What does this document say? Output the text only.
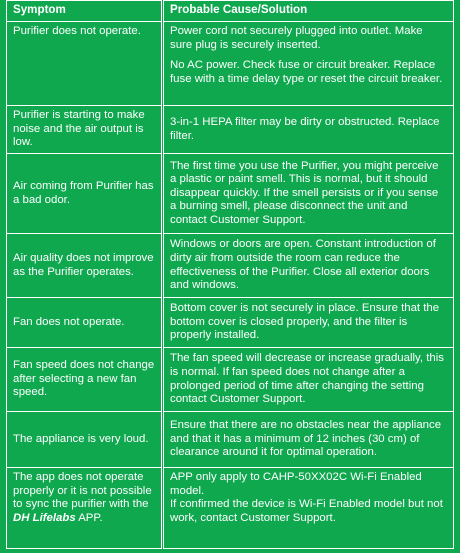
Symptom	Probable Cause/Solution
Purifier does not operate.	Power cord not securely plugged into outlet. Make sure plug is securely inserted.

No AC power. Check fuse or circuit breaker. Replace fuse with a time delay type or reset the circuit breaker.

Purifier is starting to make noise and the air output is low.
3-in-1 HEPA filter may be dirty or obstructed. Replace filter.
Air coming from Purifier has a bad odor.
The first time you use the Purifier, you might perceive a plastic or paint smell. This is normal, but it should disappear quickly. If the smell persists or if you sense a burning smell, please disconnect the unit and contact Customer Support.
Air quality does not improve as the Purifier operates.
Windows or doors are open. Constant introduction of dirty air from outside the room can reduce the effectiveness of the Purifier. Close all exterior doors and windows.
Fan does not operate.
Bottom cover is not securely in place. Ensure that the bottom cover is closed properly, and the filter is properly installed.
Fan speed does not change after selecting a new fan speed.
The fan speed will decrease or increase gradually, this is normal. If fan speed does not change after a prolonged period of time after changing the setting contact Customer Support.
The appliance is very loud.
Ensure that there are no obstacles near the appliance and that it has a minimum of 12 inches (30 cm) of clearance around it for optimal operation.
The app does not operate properly or it is not possible to sync the purifier with the DH Lifelabs APP.

APP only apply to CAHP-50XX02C Wi-Fi Enabled model.

If confirmed the device is Wi-Fi Enabled model but not work, contact Customer Support.
